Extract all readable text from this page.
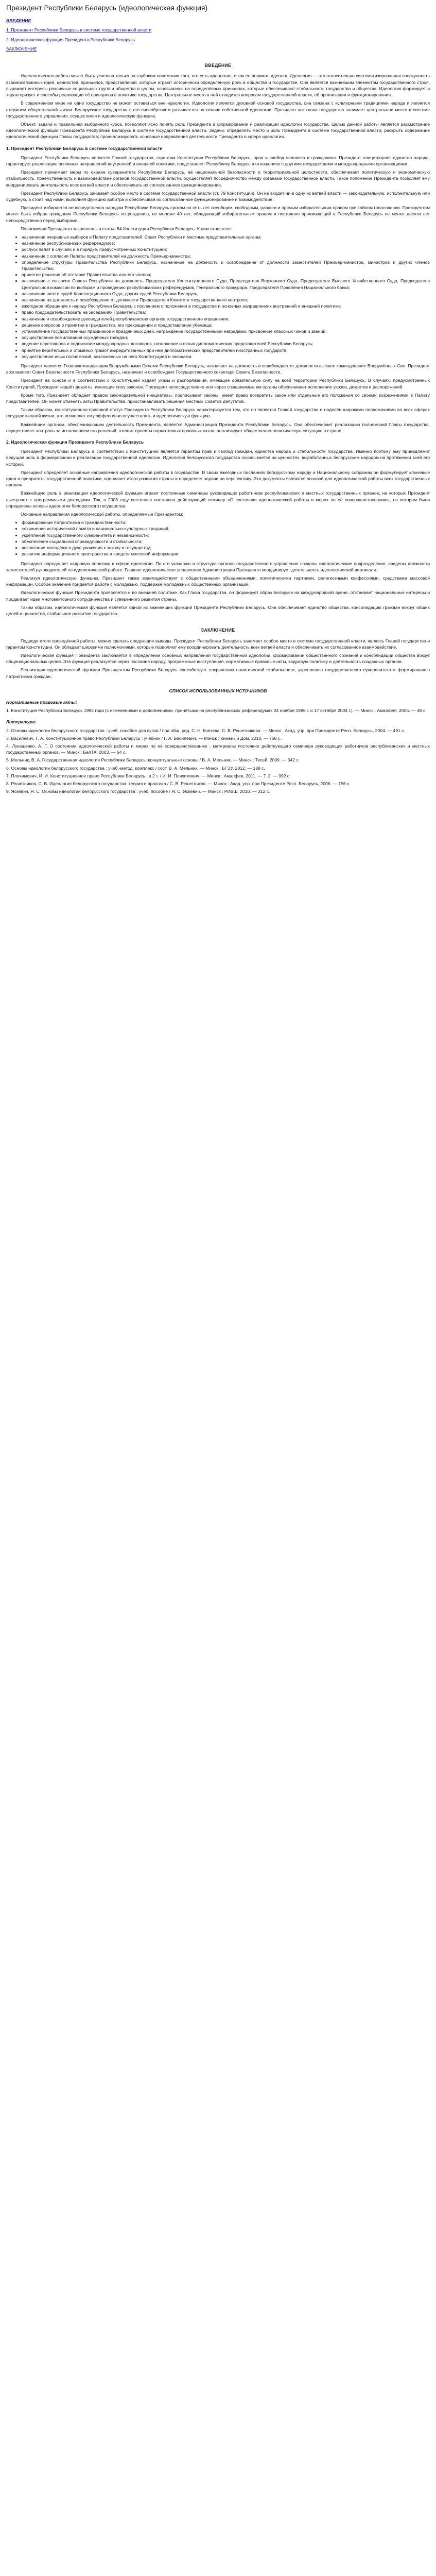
Президент Республики Беларусь (идеологическая функция)
ВВЕДЕНИЕ
1. Президент Республики Беларусь в системе государственной власти
2. Идеологическая функция Президента Республики Беларусь
ЗАКЛЮЧЕНИЕ
ВВЕДЕНИЕ

Идеологическая работа может быть успешна только на глубоком понимании того, что есть идеология, и как ее понимал идеолог. Идеология — это относительно систематизированная совокупность взаимосвязанных идей, ценностей, принципов, представлений, которые играют исторически определённую роль в обществе и государстве. Она является важнейшим элементом государственного строя, выражает интересы различных социальных групп и общества в целом, основываясь на определённых принципах, которые обеспечивают стабильность государства и общества. Идеология формирует и характеризует и способы реализации её принципов в политике государства. Центральное место в ней отводится вопросам государственной власти, её организации и функционирования.

В современном мире ни одно государство не может оставаться вне идеологии. Идеология является духовной основой государства, она связана с культурными традициями народа и является стержнем общественной жизни. Белорусское государство с его своеобразием развивается на основе собственной идеологии. Президент как глава государства занимает центральное место в системе государственного управления, осуществляя и идеологическую функцию.

Объект, задачи и правильная выбранного курса, позволяют ясно понять роль Президента в формировании и реализации идеологии государства. Целью данной работы является рассмотрение идеологической функции Президента Республики Беларусь в системе государственной власти. Задачи: определить место и роль Президента в системе государственной власти; раскрыть содержание идеологической функции Главы государства; проанализировать основные направления деятельности Президента в сфере идеологии.

1. Президент Республики Беларусь в системе государственной власти

Президент Республики Беларусь является Главой государства, гарантом Конституции Республики Беларусь, прав и свобод человека и гражданина. Президент олицетворяет единство народа, гарантирует реализацию основных направлений внутренней и внешней политики, представляет Республику Беларусь в отношениях с другими государствами и международными организациями.

Президент принимает меры по охране суверенитета Республики Беларусь, её национальной безопасности и территориальной целостности, обеспечивает политическую и экономическую стабильность, преемственность и взаимодействие органов государственной власти, осуществляет посредничество между органами государственной власти. Такое положение Президента позволяет ему координировать деятельность всех ветвей власти и обеспечивать их согласованное функционирование.

Президент Республики Беларусь занимает особое место в системе государственной власти (ст. 79 Конституции). Он не входит ни в одну из ветвей власти — законодательную, исполнительную или судебную, а стоит над ними, выполняя функцию арбитра и обеспечивая их согласованное функционирование и взаимодействие.

Президент избирается непосредственно народом Республики Беларусь сроком на пять лет всеобщим, свободным, равным и прямым избирательным правом при тайном голосовании. Президентом может быть избран гражданин Республики Беларусь по рождению, не моложе 40 лет, обладающий избирательным правом и постоянно проживающий в Республике Беларусь не менее десяти лет непосредственно перед выборами.

Полномочия Президента закреплены в статье 84 Конституции Республики Беларусь. К ним относятся:

• назначение очередных выборов в Палату представителей, Совет Республики и местные представительные органы;
• назначение республиканских референдумов;
• роспуск палат в случаях и в порядке, предусмотренных Конституцией;
• назначение с согласия Палаты представителей на должность Премьер-министра;
• определение структуры Правительства Республики Беларусь, назначение на должность и освобождение от должности заместителей Премьер-министра, министров и других членов Правительства;
• принятие решения об отставке Правительства или его членов;
• назначение с согласия Совета Республики на должность Председателя Конституционного Суда, Председателя Верховного Суда, Председателя Высшего Хозяйственного Суда, Председателя Центральной комиссии по выборам и проведению республиканских референдумов, Генерального прокурора, Председателя Правления Национального банка;
• назначение шести судей Конституционного Суда, других судей Республики Беларусь;
• назначение на должность и освобождение от должности Председателя Комитета государственного контроля;
• ежегодное обращение к народу Республики Беларусь с посланием о положении в государстве и основных направлениях внутренней и внешней политики;
• право председательствовать на заседаниях Правительства;
• назначение и освобождение руководителей республиканских органов государственного управления;
• решение вопросов о принятии в гражданство, его прекращении и предоставлении убежища;
• установление государственных праздников и праздничных дней, награждение государственными наградами, присвоение классных чинов и званий;
• осуществление помилования осуждённых граждан;
• ведение переговоров и подписание международных договоров, назначение и отзыв дипломатических представителей Республики Беларусь;
• принятие верительных и отзывных грамот аккредитованных при нём дипломатических представителей иностранных государств;
• осуществление иных полномочий, возложенных на него Конституцией и законами.

Президент является Главнокомандующим Вооружёнными Силами Республики Беларусь, назначает на должность и освобождает от должности высшее командование Вооружённых Сил. Президент возглавляет Совет Безопасности Республики Беларусь, назначает и освобождает Государственного секретаря Совета Безопасности.

Президент на основе и в соответствии с Конституцией издаёт указы и распоряжения, имеющие обязательную силу на всей территории Республики Беларусь. В случаях, предусмотренных Конституцией, Президент издаёт декреты, имеющие силу законов. Президент непосредственно или через создаваемые им органы обеспечивает исполнение указов, декретов и распоряжений.

Кроме того, Президент обладает правом законодательной инициативы, подписывает законы, имеет право возвратить закон или отдельные его положения со своими возражениями в Палату представителей. Он может отменять акты Правительства, приостанавливать решения местных Советов депутатов.

Таким образом, конституционно-правовой статус Президента Республики Беларусь характеризуется тем, что он является Главой государства и наделён широкими полномочиями во всех сферах государственной жизни, что позволяет ему эффективно осуществлять и идеологическую функцию.

Важнейшим органом, обеспечивающим деятельность Президента, является Администрация Президента Республики Беларусь. Она обеспечивает реализацию полномочий Главы государства, осуществляет контроль за исполнением его решений, готовит проекты нормативных правовых актов, анализирует общественно-политическую ситуацию в стране.

2. Идеологическая функция Президента Республики Беларусь

Президент Республики Беларусь в соответствии с Конституцией является гарантом прав и свобод граждан, единства народа и стабильности государства. Именно поэтому ему принадлежит ведущая роль в формировании и реализации государственной идеологии. Идеология белорусского государства основывается на ценностях, выработанных белорусским народом на протяжении всей его истории.

Президент определяет основные направления идеологической работы в государстве. В своих ежегодных посланиях белорусскому народу и Национальному собранию он формулирует ключевые идеи и приоритеты государственной политики, оценивает итоги развития страны и определяет задачи на перспективу. Эти документы являются основой для идеологической работы всех государственных органов.

Важнейшую роль в реализации идеологической функции играют постоянные семинары руководящих работников республиканских и местных государственных органов, на которых Президент выступает с программными докладами. Так, в 2003 году состоялся постоянно действующий семинар «О состоянии идеологической работы и мерах по её совершенствованию», на котором были определены основы идеологии белорусского государства.

Основные направления идеологической работы, определяемые Президентом:

• формирование патриотизма и гражданственности;
• сохранение исторической памяти и национально-культурных традиций;
• укрепление государственного суверенитета и независимости;
• обеспечение социальной справедливости и стабильности;
• воспитание молодёжи в духе уважения к закону и государству;
• развитие информационного пространства и средств массовой информации.

Президент определяет кадровую политику в сфере идеологии. По его указанию в структуре органов государственного управления созданы идеологические подразделения, введены должности заместителей руководителей по идеологической работе. Главное идеологическое управление Администрации Президента координирует деятельность идеологической вертикали.

Реализуя идеологическую функцию, Президент также взаимодействует с общественными объединениями, политическими партиями, религиозными конфессиями, средствами массовой информации. Особое значение придаётся работе с молодёжью, поддержке молодёжных общественных организаций.

Идеологическая функция Президента проявляется и во внешней политике. Как Глава государства, он формирует образ Беларуси на международной арене, отстаивает национальные интересы и продвигает идеи многовекторного сотрудничества и суверенного развития страны.

Таким образом, идеологическая функция является одной из важнейших функций Президента Республики Беларусь. Она обеспечивает единство общества, консолидацию граждан вокруг общих целей и ценностей, стабильное развитие государства.

ЗАКЛЮЧЕНИЕ

Подводя итоги проведённой работы, можно сделать следующие выводы. Президент Республики Беларусь занимает особое место в системе государственной власти, являясь Главой государства и гарантом Конституции. Он обладает широкими полномочиями, которые позволяют ему координировать деятельность всех ветвей власти и обеспечивать их согласованное взаимодействие.

Идеологическая функция Президента заключается в определении основных направлений государственной идеологии, формировании общественного сознания и консолидации общества вокруг общенациональных целей. Эта функция реализуется через послания народу, программные выступления, нормативные правовые акты, кадровую политику и деятельность созданных органов.

Реализация идеологической функции Президентом Республики Беларусь способствует сохранению политической стабильности, укреплению государственного суверенитета и формированию патриотизма граждан.

СПИСОК ИСПОЛЬЗОВАННЫХ ИСТОЧНИКОВ
Нормативные правовые акты:
1. Конституция Республики Беларусь 1994 года (с изменениями и дополнениями, принятыми на республиканских референдумах 24 ноября 1996 г. и 17 октября 2004 г.). — Минск : Амалфея, 2005. — 48 с.
Литература:
2. Основы идеологии белорусского государства : учеб. пособие для вузов / под общ. ред. С. Н. Князева, С. В. Решетникова. — Минск : Акад. упр. при Президенте Респ. Беларусь, 2004. — 491 с.
3. Василевич, Г. А. Конституционное право Республики Беларусь : учебник / Г. А. Василевич. — Минск : Книжный Дом, 2010. — 768 с.
4. Лукашенко, А. Г. О состоянии идеологической работы и мерах по её совершенствованию : материалы постоянно действующего семинара руководящих работников республиканских и местных государственных органов. — Минск : БелТА, 2003. — 64 с.
5. Мельник, В. А. Государственная идеология Республики Беларусь: концептуальные основы / В. А. Мельник. — Минск : Тесей, 2009. — 342 с.
6. Основы идеологии белорусского государства : учеб.-метод. комплекс / сост. В. А. Мельник. — Минск : БГЭУ, 2012. — 188 с.
7. Пляхимович, И. И. Конституционное право Республики Беларусь : в 2 т. / И. И. Пляхимович. — Минск : Амалфея, 2011. — Т. 2. — 992 с.
8. Решетников, С. В. Идеология белорусского государства: теория и практика / С. В. Решетников. — Минск : Акад. упр. при Президенте Респ. Беларусь, 2006. — 156 с.
9. Яскевич, Я. С. Основы идеологии белорусского государства : учеб. пособие / Я. С. Яскевич. — Минск : РИВШ, 2010. — 312 с.
